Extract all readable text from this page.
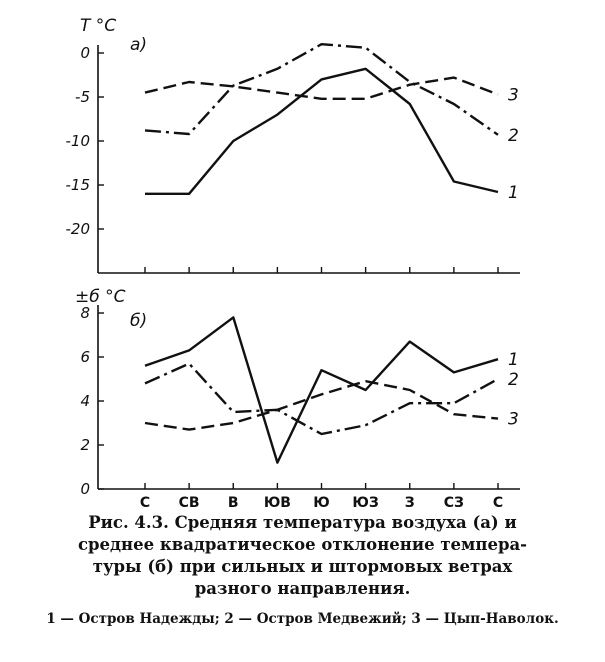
0
-5
-10
-15
-20
T °C
а)
1
2
3
8
6
4
2
0
С СВ В ЮВ Ю ЮЗ З СЗ С
±б °C
б)
1
2
3
Рис. 4.3. Средняя температура воздуха (а) и
среднее квадратическое отклонение темпера-
туры (б) при сильных и штормовых ветрах
разного направления.
1 — Остров Надежды; 2 — Остров Медвежий; 3 — Цып-Наволок.
